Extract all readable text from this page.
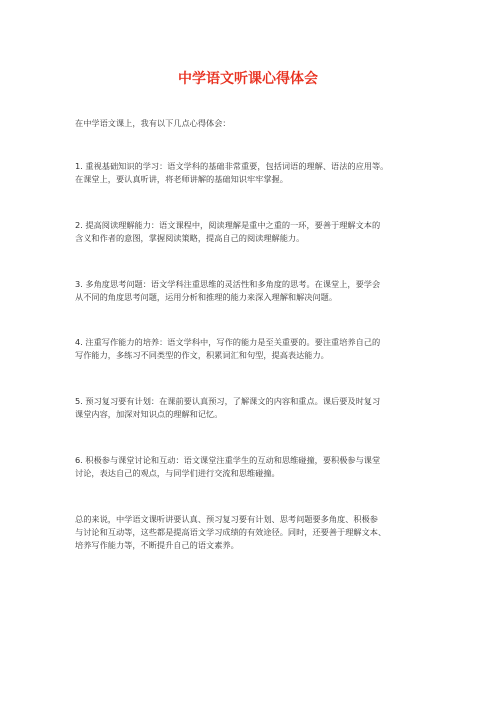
中学语文听课心得体会
在中学语文课上，我有以下几点心得体会：
1. 重视基础知识的学习：语文学科的基础非常重要，包括词语的理解、语法的应用等。
在课堂上，要认真听讲，将老师讲解的基础知识牢牢掌握。
2. 提高阅读理解能力：语文课程中，阅读理解是重中之重的一环，要善于理解文本的
含义和作者的意图，掌握阅读策略，提高自己的阅读理解能力。
3. 多角度思考问题：语文学科注重思维的灵活性和多角度的思考。在课堂上，要学会
从不同的角度思考问题，运用分析和推理的能力来深入理解和解决问题。
4. 注重写作能力的培养：语文学科中，写作的能力是至关重要的。要注重培养自己的
写作能力，多练习不同类型的作文，积累词汇和句型，提高表达能力。
5. 预习复习要有计划：在课前要认真预习，了解课文的内容和重点。课后要及时复习
课堂内容，加深对知识点的理解和记忆。
6. 积极参与课堂讨论和互动：语文课堂注重学生的互动和思维碰撞，要积极参与课堂
讨论，表达自己的观点，与同学们进行交流和思维碰撞。
总的来说，中学语文课听讲要认真、预习复习要有计划、思考问题要多角度、积极参
与讨论和互动等，这些都是提高语文学习成绩的有效途径。同时，还要善于理解文本、
培养写作能力等，不断提升自己的语文素养。
